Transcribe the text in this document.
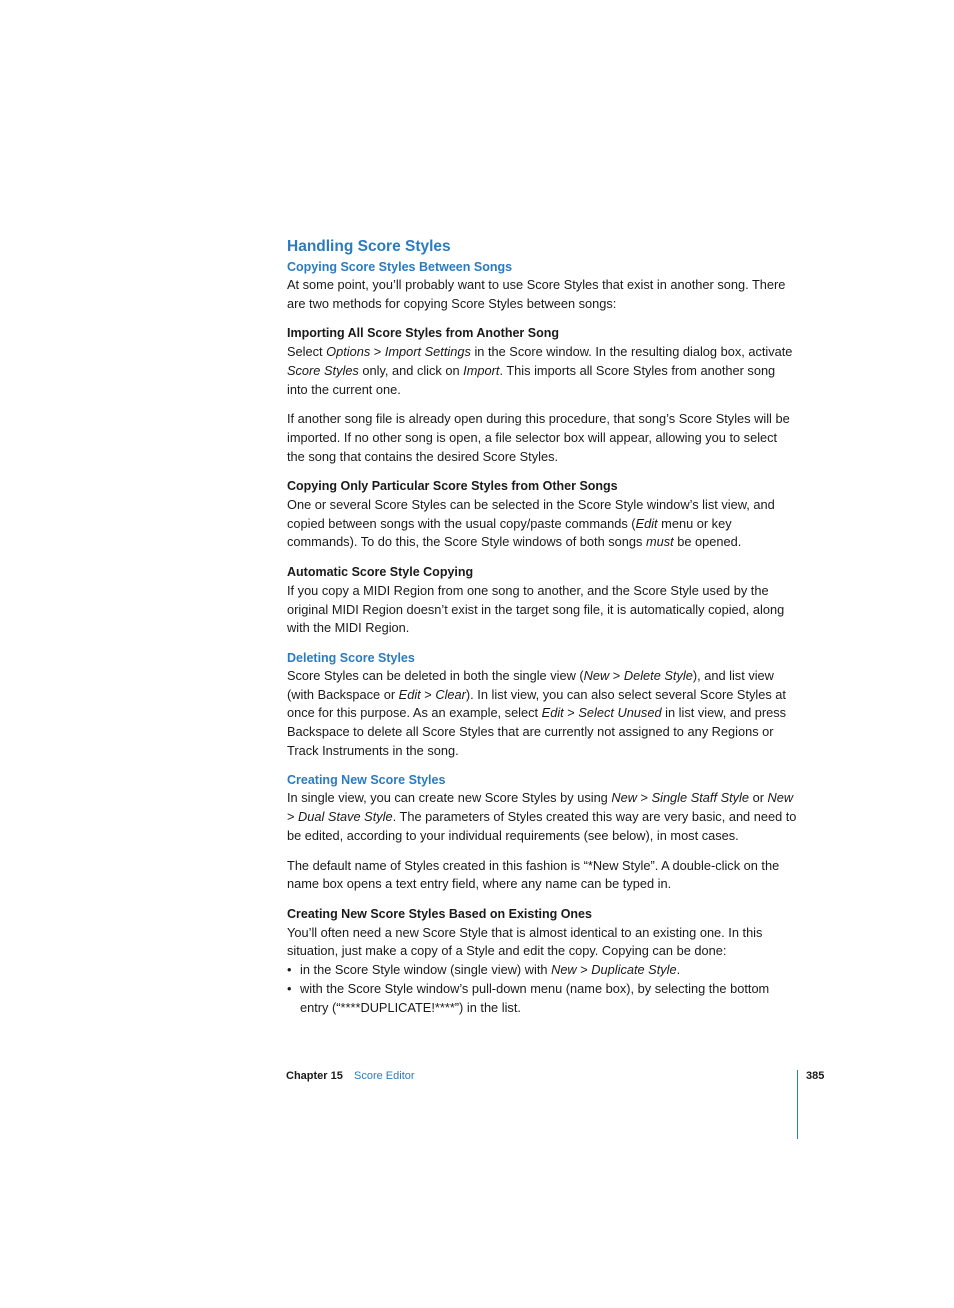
Handling Score Styles
Copying Score Styles Between Songs

At some point, you’ll probably want to use Score Styles that exist in another song. There are two methods for copying Score Styles between songs:

Importing All Score Styles from Another Song

Select Options > Import Settings in the Score window. In the resulting dialog box, activate Score Styles only, and click on Import. This imports all Score Styles from another song into the current one.

If another song file is already open during this procedure, that song’s Score Styles will be imported. If no other song is open, a file selector box will appear, allowing you to select the song that contains the desired Score Styles.

Copying Only Particular Score Styles from Other Songs

One or several Score Styles can be selected in the Score Style window’s list view, and copied between songs with the usual copy/paste commands (Edit menu or key commands). To do this, the Score Style windows of both songs must be opened.

Automatic Score Style Copying

If you copy a MIDI Region from one song to another, and the Score Style used by the original MIDI Region doesn’t exist in the target song file, it is automatically copied, along with the MIDI Region.

Deleting Score Styles

Score Styles can be deleted in both the single view (New > Delete Style), and list view (with Backspace or Edit > Clear). In list view, you can also select several Score Styles at once for this purpose. As an example, select Edit > Select Unused in list view, and press Backspace to delete all Score Styles that are currently not assigned to any Regions or Track Instruments in the song.

Creating New Score Styles

In single view, you can create new Score Styles by using New > Single Staff Style or New > Dual Stave Style. The parameters of Styles created this way are very basic, and need to be edited, according to your individual requirements (see below), in most cases.

The default name of Styles created in this fashion is “*New Style”. A double-click on the name box opens a text entry field, where any name can be typed in.

Creating New Score Styles Based on Existing Ones

You’ll often need a new Score Style that is almost identical to an existing one. In this situation, just make a copy of a Style and edit the copy. Copying can be done:

• in the Score Style window (single view) with New > Duplicate Style.
• with the Score Style window’s pull-down menu (name box), by selecting the bottom entry (“****DUPLICATE!****”) in the list.
Chapter 15 Score Editor	385
